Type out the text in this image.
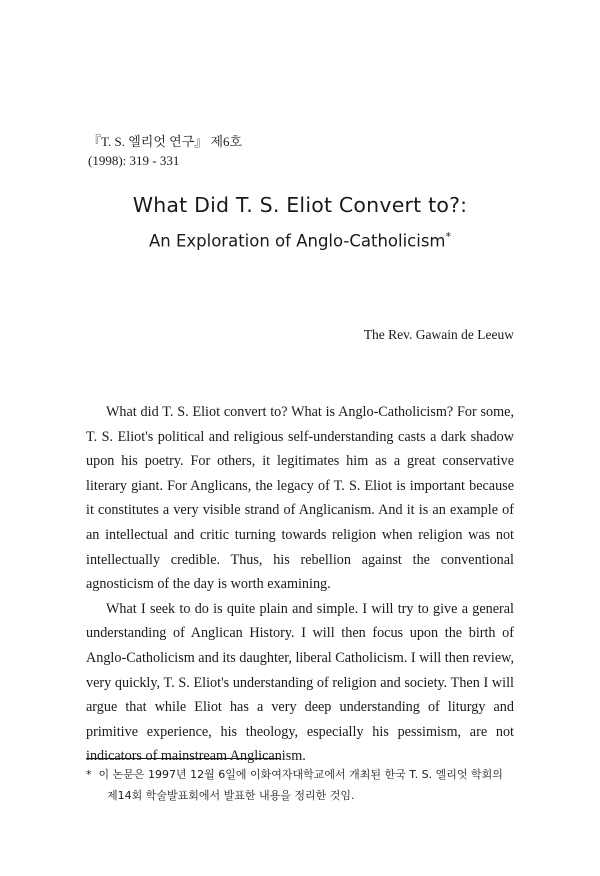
『T. S. 엘리엇 연구』 제6호
(1998): 319 - 331
What Did T. S. Eliot Convert to?:
An Exploration of Anglo-Catholicism*
The Rev. Gawain de Leeuw

What did T. S. Eliot convert to? What is Anglo-Catholicism? For some, T. S. Eliot's political and religious self-understanding casts a dark shadow upon his poetry. For others, it legitimates him as a great conservative literary giant. For Anglicans, the legacy of T. S. Eliot is important because it constitutes a very visible strand of Anglicanism. And it is an example of an intellectual and critic turning towards religion when religion was not intellectually credible. Thus, his rebellion against the conventional agnosticism of the day is worth examining.

What I seek to do is quite plain and simple. I will try to give a general understanding of Anglican History. I will then focus upon the birth of Anglo-Catholicism and its daughter, liberal Catholicism. I will then review, very quickly, T. S. Eliot's understanding of religion and society. Then I will argue that while Eliot has a very deep understanding of liturgy and primitive experience, his theology, especially his pessimism, are not indicators of mainstream Anglicanism.

* 이 논문은 1997년 12월 6일에 이화여자대학교에서 개최된 한국 T. S. 엘리엇 학회의
제14회 학술발표회에서 발표한 내용을 정리한 것임.
